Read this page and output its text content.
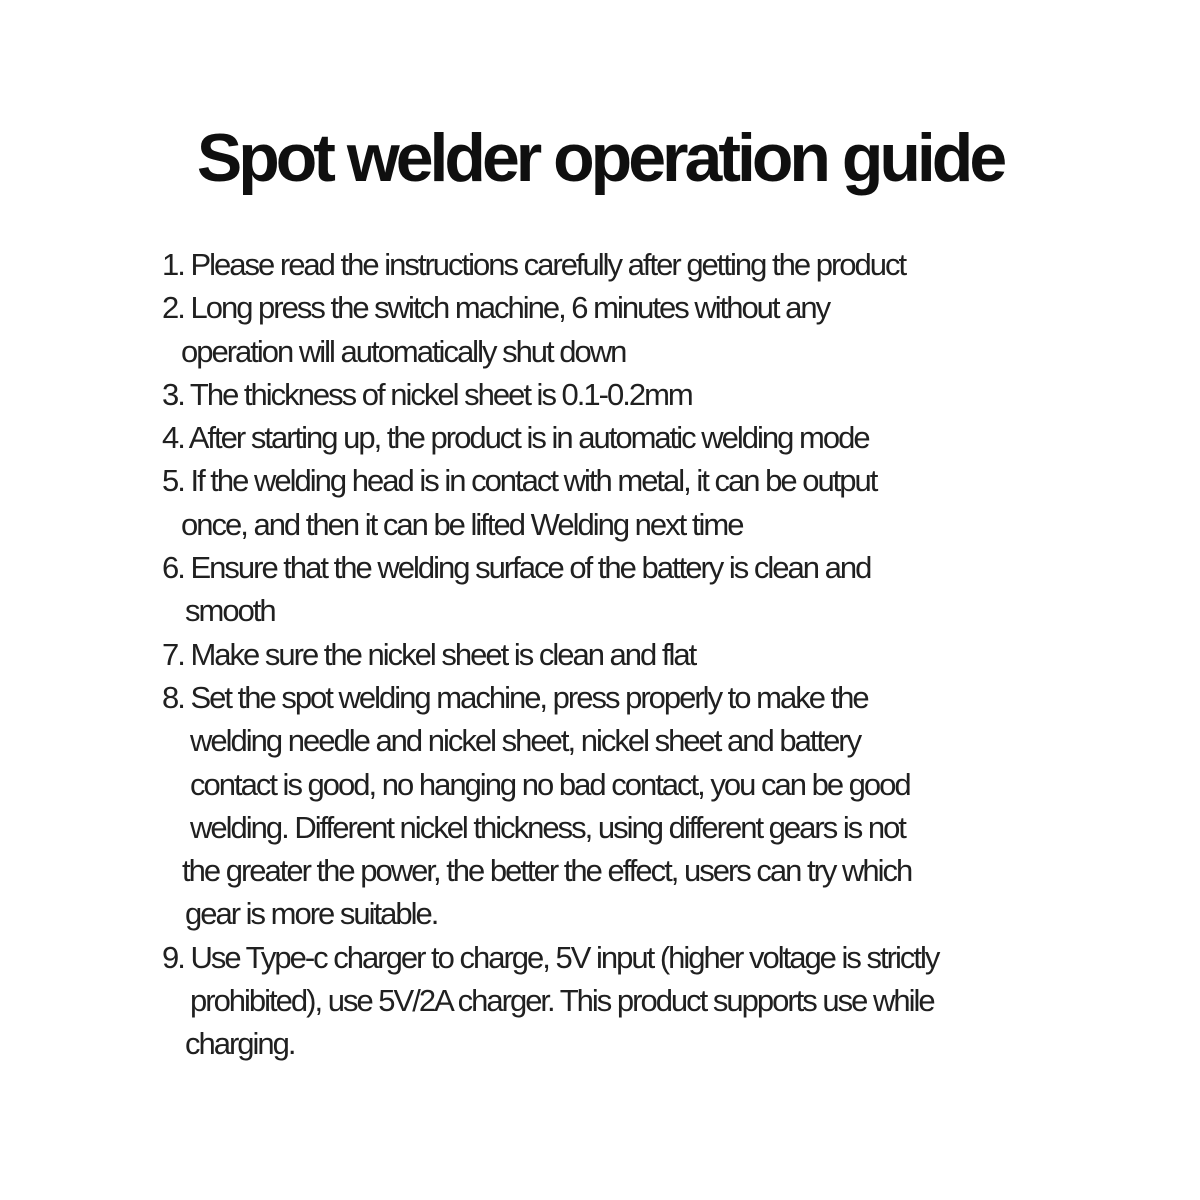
Spot welder operation guide
1. Please read the instructions carefully after getting the product
2. Long press the switch machine, 6 minutes without any
operation will automatically shut down
3. The thickness of nickel sheet is 0.1-0.2mm
4. After starting up, the product is in automatic welding mode
5. If the welding head is in contact with metal, it can be output
once, and then it can be lifted Welding next time
6. Ensure that the welding surface of the battery is clean and
smooth
7. Make sure the nickel sheet is clean and flat
8. Set the spot welding machine, press properly to make the
welding needle and nickel sheet, nickel sheet and battery
contact is good, no hanging no bad contact, you can be good
welding. Different nickel thickness, using different gears is not
the greater the power, the better the effect, users can try which
gear is more suitable.
9. Use Type-c charger to charge, 5V input (higher voltage is strictly
prohibited), use 5V/2A charger. This product supports use while
charging.
